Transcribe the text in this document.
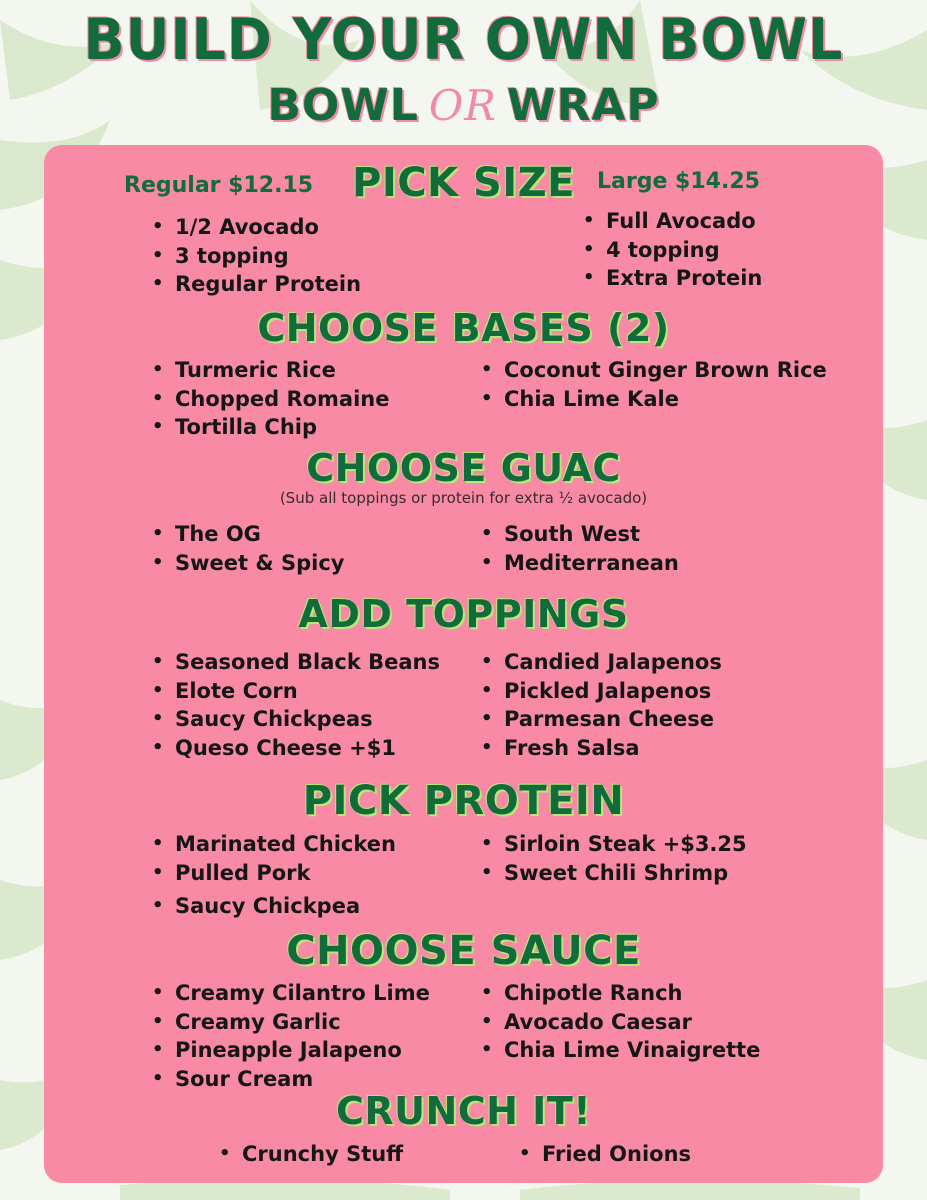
BUILD YOUR OWN BOWL
BOWL OR WRAP
PICK SIZE
Regular $12.15	Large $14.25
• 1/2 Avocado
• 3 topping
• Regular Protein
• Full Avocado
• 4 topping
• Extra Protein
CHOOSE BASES (2)
• Turmeric Rice
• Chopped Romaine
• Tortilla Chip
• Coconut Ginger Brown Rice
• Chia Lime Kale
CHOOSE GUAC
(Sub all toppings or protein for extra ½ avocado)
• The OG
• Sweet & Spicy
• South West
• Mediterranean
ADD TOPPINGS
• Seasoned Black Beans
• Elote Corn
• Saucy Chickpeas
• Queso Cheese +$1
• Candied Jalapenos
• Pickled Jalapenos
• Parmesan Cheese
• Fresh Salsa
PICK PROTEIN
• Marinated Chicken
• Pulled Pork
• Saucy Chickpea
• Sirloin Steak +$3.25
• Sweet Chili Shrimp
CHOOSE SAUCE
• Creamy Cilantro Lime
• Creamy Garlic
• Pineapple Jalapeno
• Sour Cream
• Chipotle Ranch
• Avocado Caesar
• Chia Lime Vinaigrette
CRUNCH IT!
• Crunchy Stuff
•	Fried Onions
